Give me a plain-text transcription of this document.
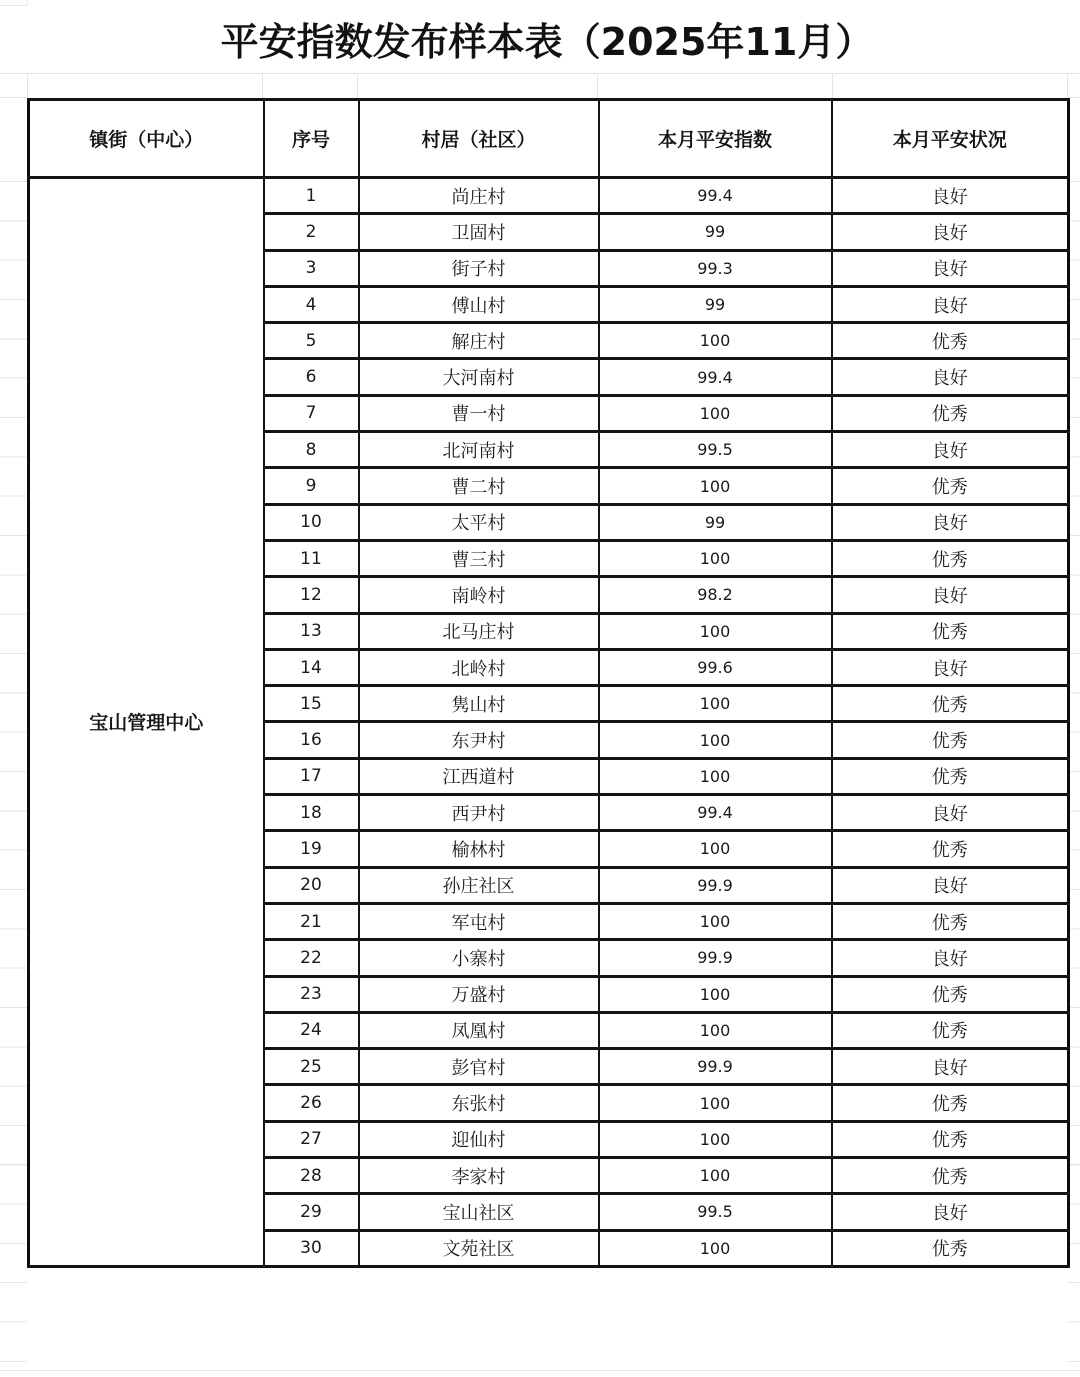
平安指数发布样本表（2025年11月）
镇街（中心）	序号	村居（社区）	本月平安指数	本月平安状况
宝山管理中心	1	尚庄村	99.4	良好
	2	卫固村	99	良好
	3	街子村	99.3	良好
	4	傅山村	99	良好
	5	解庄村	100	优秀
	6	大河南村	99.4	良好
	7	曹一村	100	优秀
	8	北河南村	99.5	良好
	9	曹二村	100	优秀
	10	太平村	99	良好
	11	曹三村	100	优秀
	12	南岭村	98.2	良好
	13	北马庄村	100	优秀
	14	北岭村	99.6	良好
	15	隽山村	100	优秀
	16	东尹村	100	优秀
	17	江西道村	100	优秀
	18	西尹村	99.4	良好
	19	榆林村	100	优秀
	20	孙庄社区	99.9	良好
	21	军屯村	100	优秀
	22	小寨村	99.9	良好
	23	万盛村	100	优秀
	24	凤凰村	100	优秀
	25	彭官村	99.9	良好
	26	东张村	100	优秀
	27	迎仙村	100	优秀
	28	李家村	100	优秀
	29	宝山社区	99.5	良好
	30	文苑社区	100	优秀
